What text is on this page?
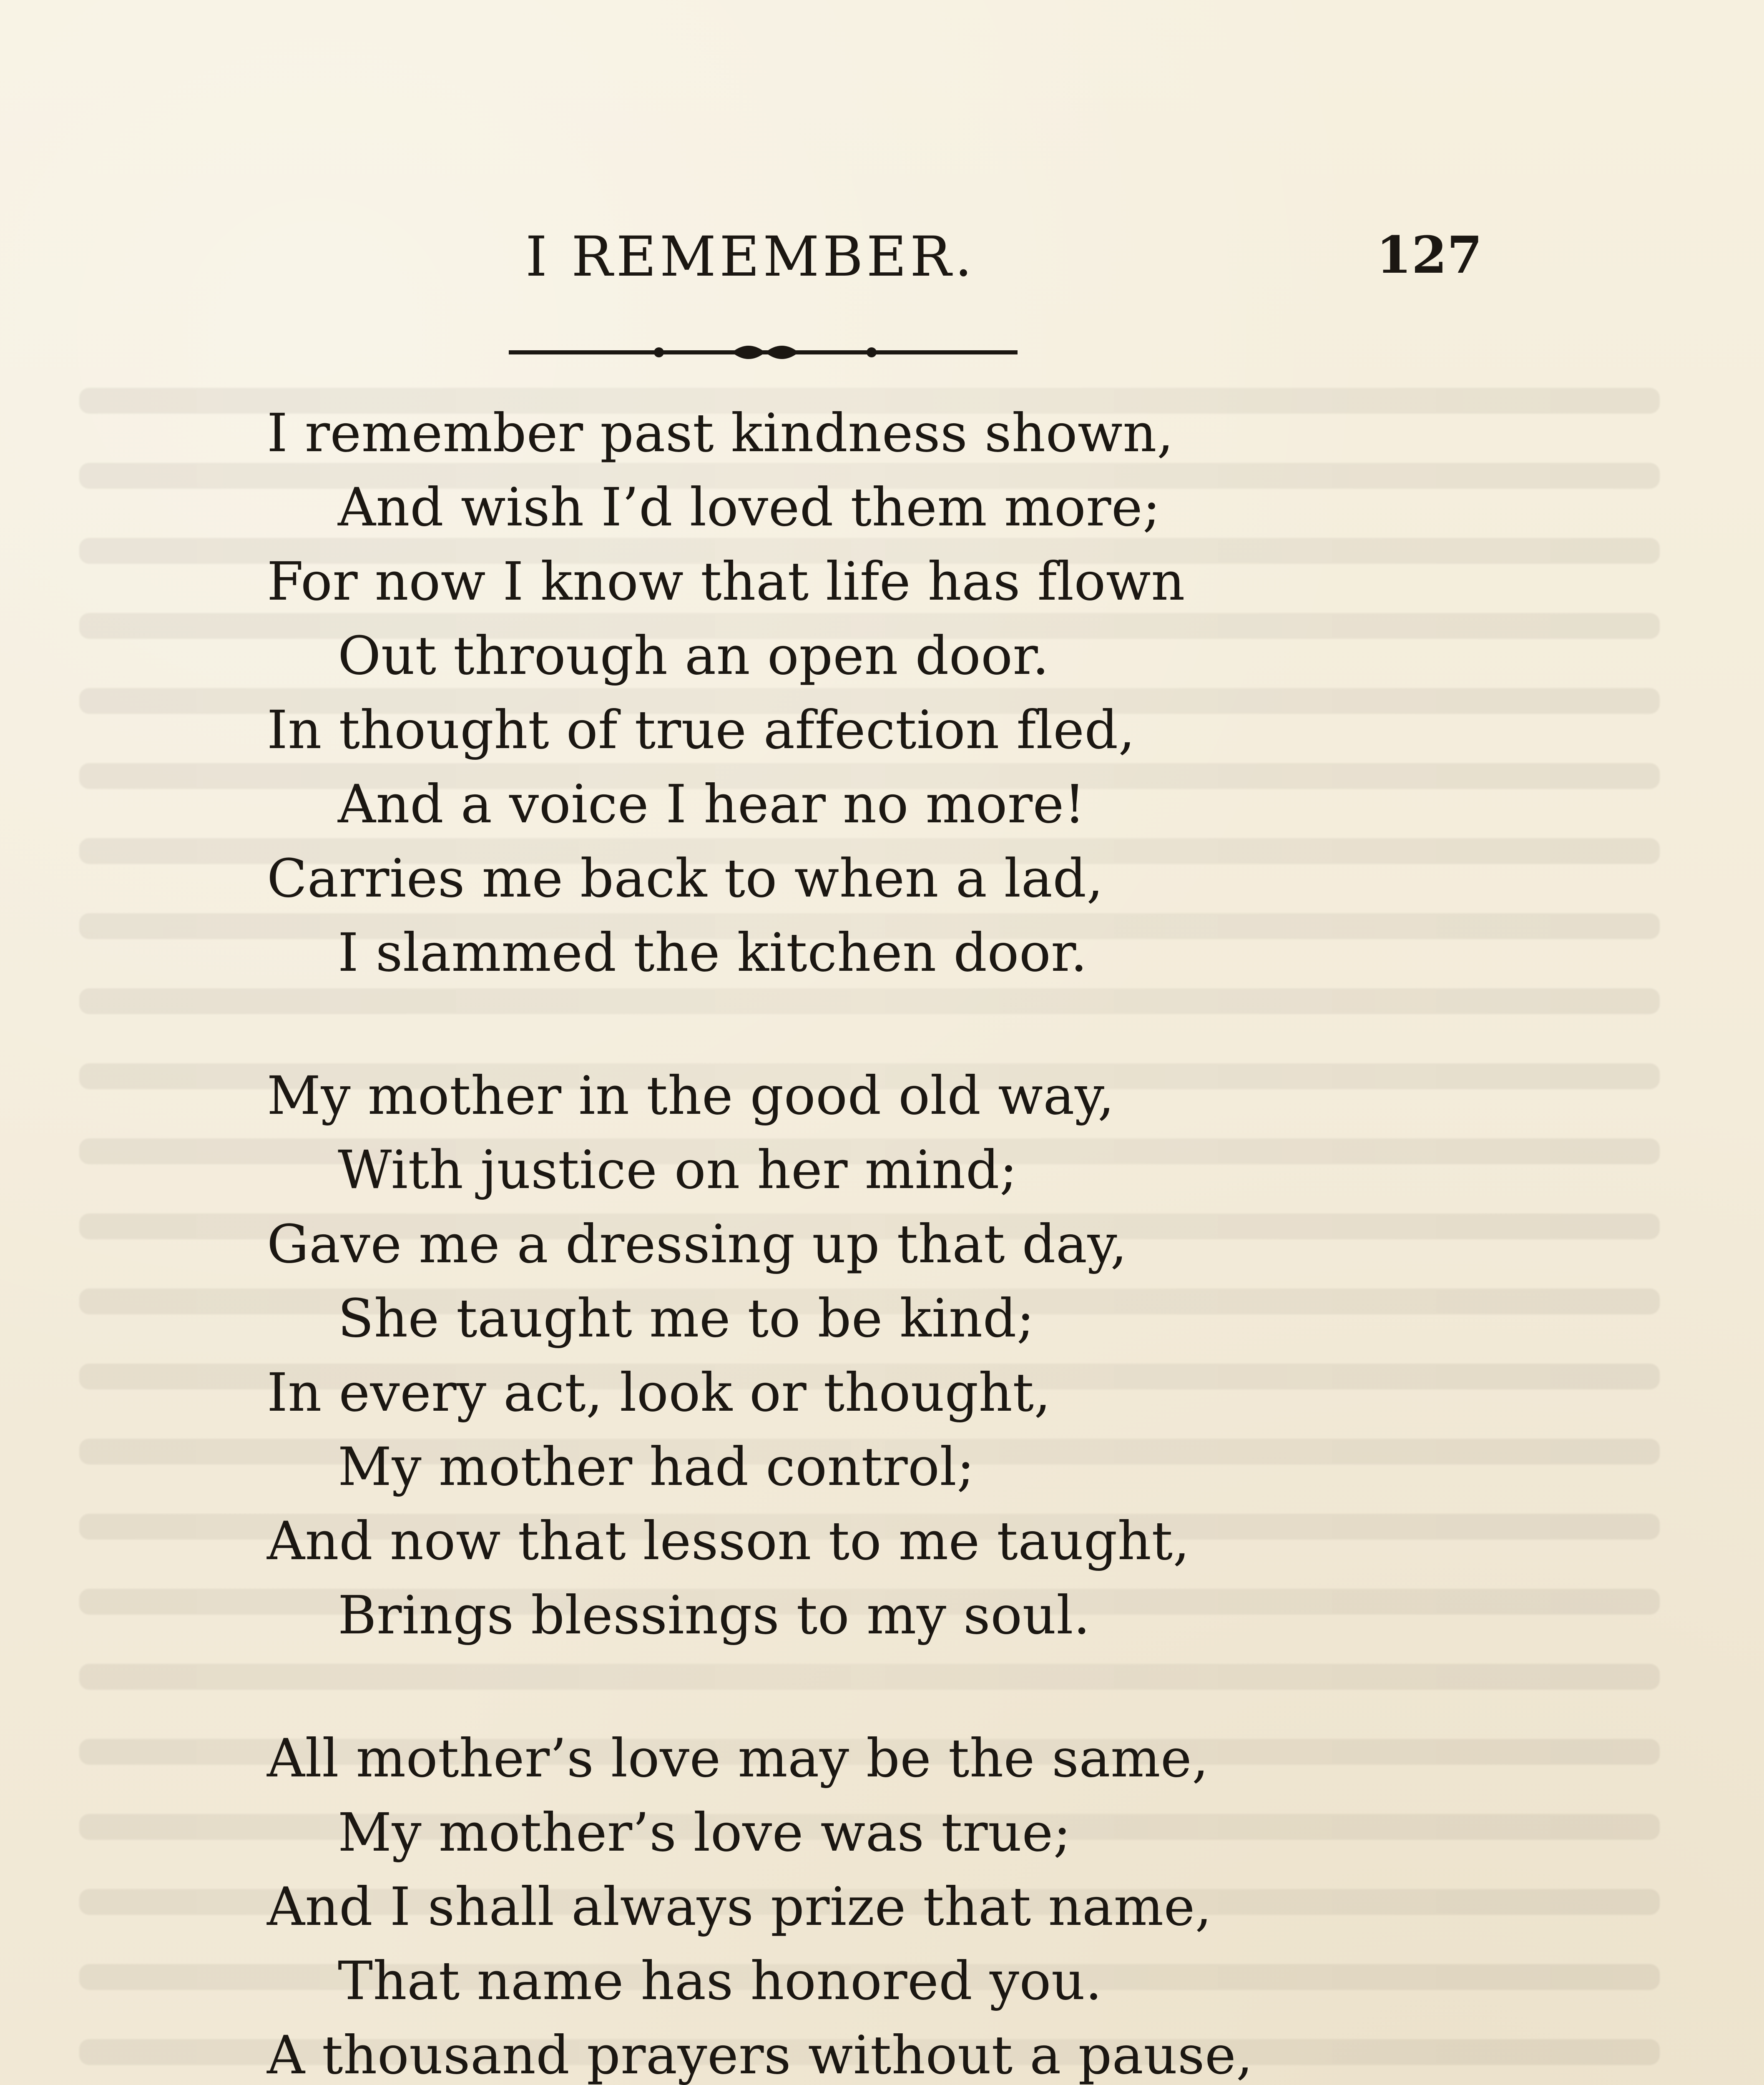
I REMEMBER.	127
I remember past kindness shown,
And wish I’d loved them more;
For now I know that life has flown
Out through an open door.
In thought of true affection fled,
And a voice I hear no more!
Carries me back to when a lad,
I slammed the kitchen door.
My mother in the good old way,
With justice on her mind;
Gave me a dressing up that day,
She taught me to be kind;
In every act, look or thought,
My mother had control;
And now that lesson to me taught,
Brings blessings to my soul.
All mother’s love may be the same,
My mother’s love was true;
And I shall always prize that name,
That name has honored you.
A thousand prayers without a pause,
